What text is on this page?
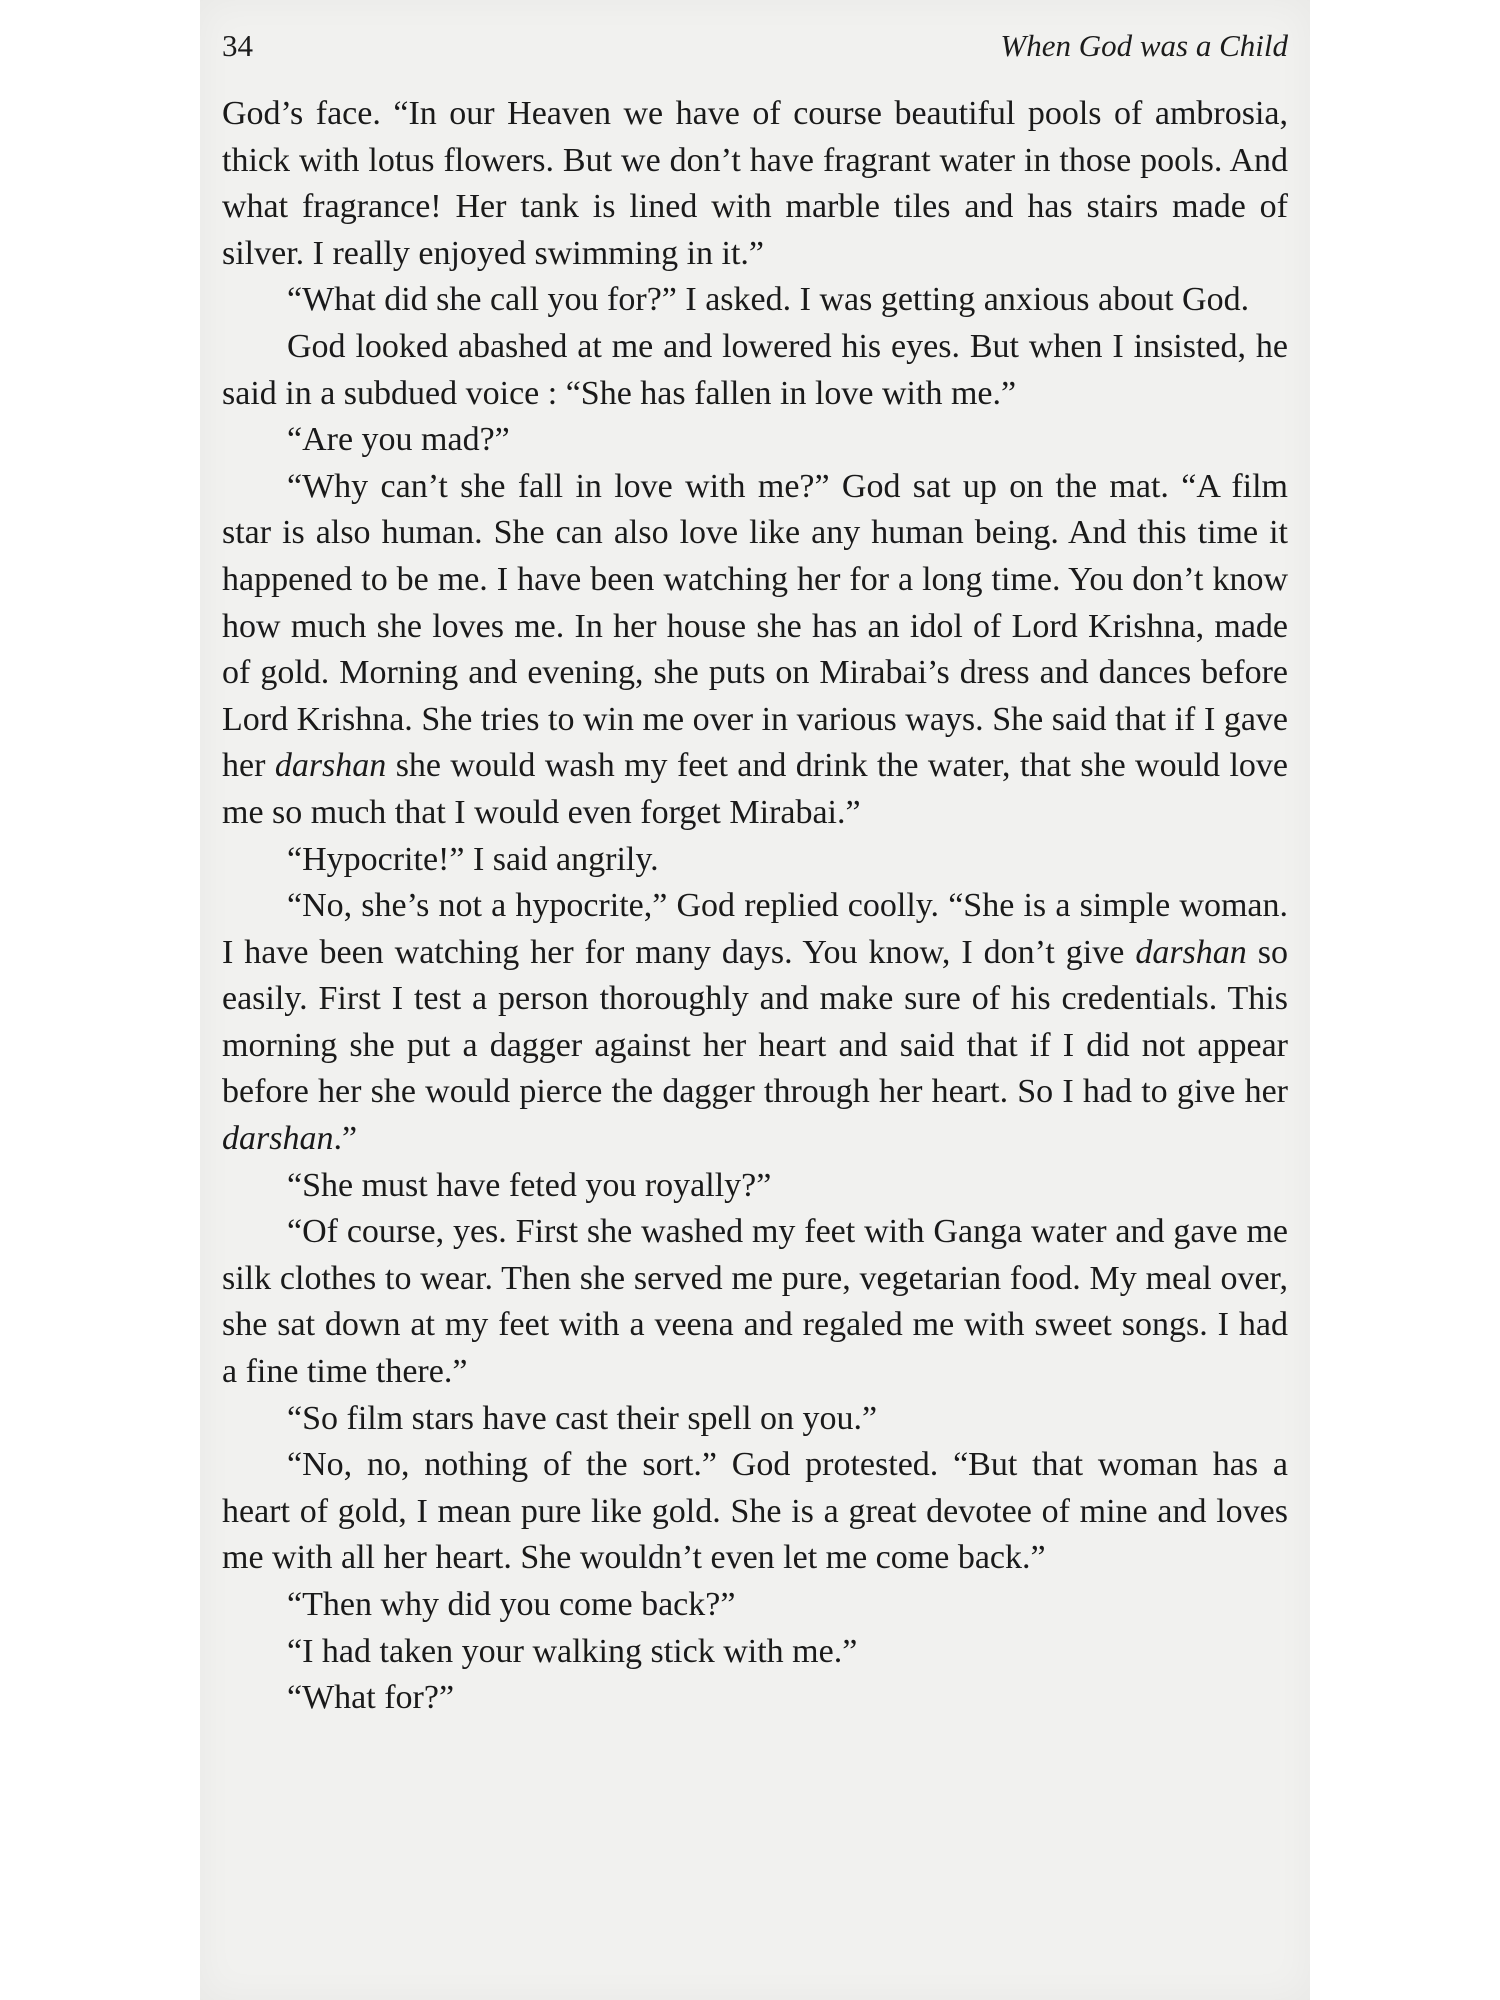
34	When God was a Child

God’s face. “In our Heaven we have of course beautiful pools of ambrosia, thick with lotus flowers. But we don’t have fragrant water in those pools. And what fragrance! Her tank is lined with marble tiles and has stairs made of silver. I really enjoyed swimming in it.”

“What did she call you for?” I asked. I was getting anxious about God.

God looked abashed at me and lowered his eyes. But when I insisted, he said in a subdued voice : “She has fallen in love with me.”

“Are you mad?”

“Why can’t she fall in love with me?” God sat up on the mat. “A film star is also human. She can also love like any human being. And this time it happened to be me. I have been watching her for a long time. You don’t know how much she loves me. In her house she has an idol of Lord Krishna, made of gold. Morning and evening, she puts on Mirabai’s dress and dances before Lord Krishna. She tries to win me over in various ways. She said that if I gave her darshan she would wash my feet and drink the water, that she would love me so much that I would even forget Mirabai.”

“Hypocrite!” I said angrily.

“No, she’s not a hypocrite,” God replied coolly. “She is a simple woman. I have been watching her for many days. You know, I don’t give darshan so easily. First I test a person thoroughly and make sure of his credentials. This morning she put a dagger against her heart and said that if I did not appear before her she would pierce the dagger through her heart. So I had to give her darshan.”

“She must have feted you royally?”

“Of course, yes. First she washed my feet with Ganga water and gave me silk clothes to wear. Then she served me pure, vegetarian food. My meal over, she sat down at my feet with a veena and regaled me with sweet songs. I had a fine time there.”

“So film stars have cast their spell on you.”

“No, no, nothing of the sort.” God protested. “But that woman has a heart of gold, I mean pure like gold. She is a great devotee of mine and loves me with all her heart. She wouldn’t even let me come back.”

“Then why did you come back?”

“I had taken your walking stick with me.”

“What for?”
